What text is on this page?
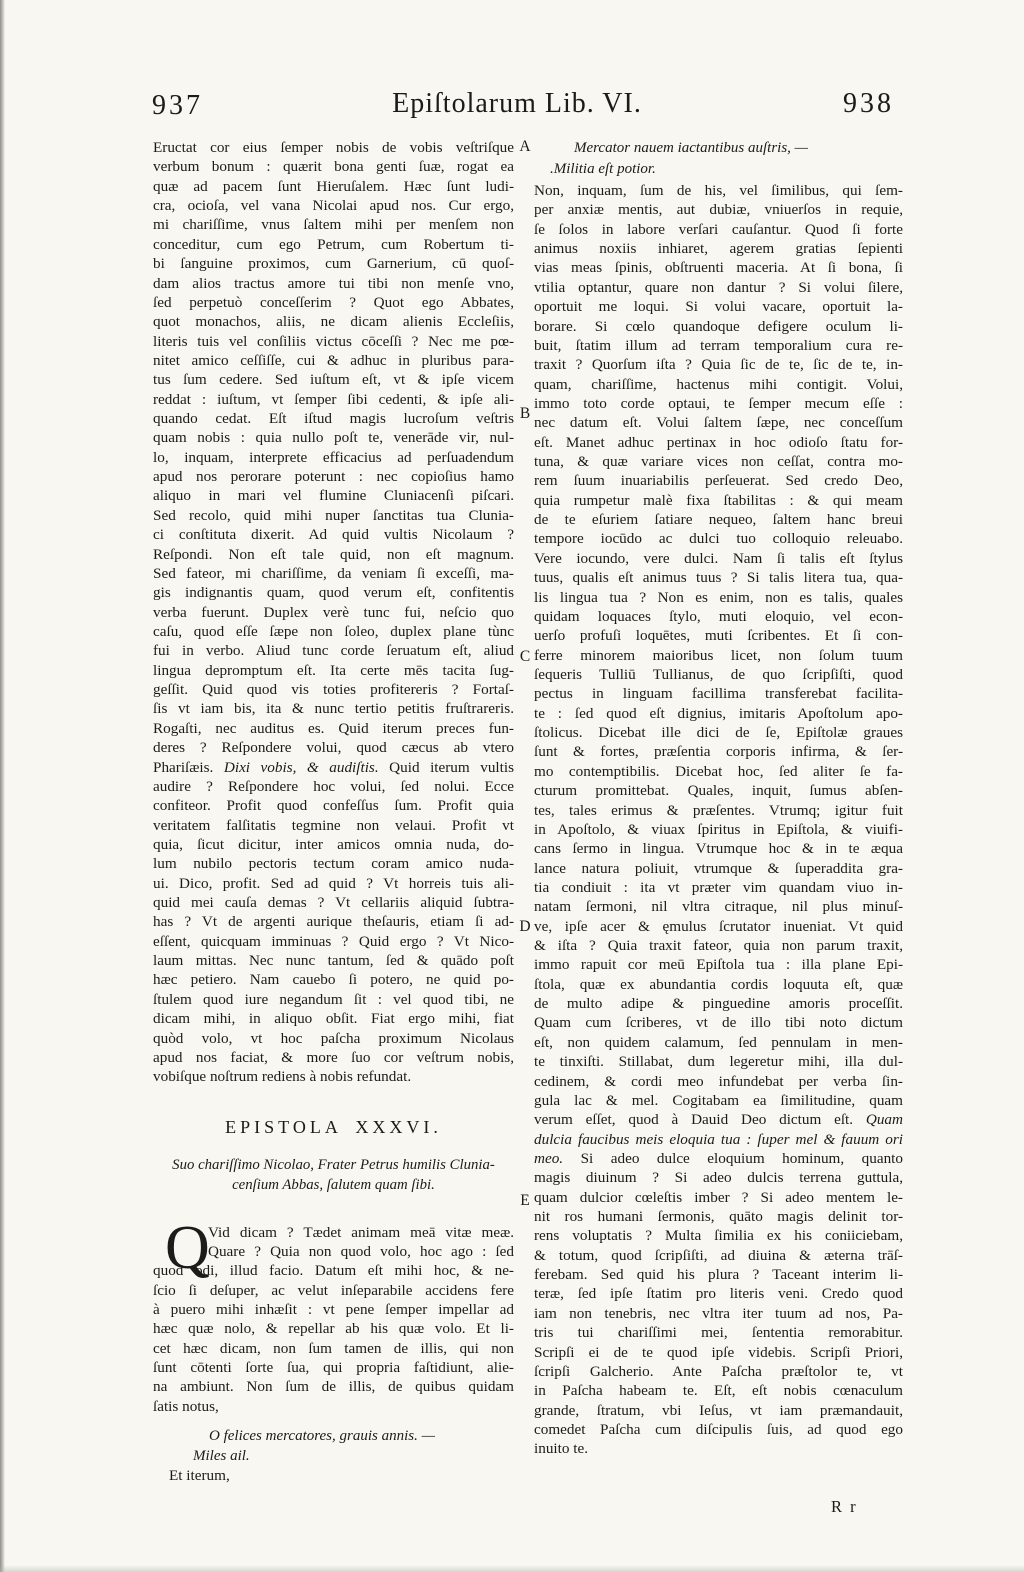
937	Epiſtolarum Lib. VI.	938
A
B
C
D
E
Eructat cor eius ſemper nobis de vobis veſtriſque
verbum bonum : quærit bona genti ſuæ, rogat ea
quæ ad pacem ſunt Hieruſalem. Hæc ſunt ludi-
cra, ocioſa, vel vana Nicolai apud nos. Cur ergo,
mi chariſſime, vnus ſaltem mihi per menſem non
conceditur, cum ego Petrum, cum Robertum ti-
bi ſanguine proximos, cum Garnerium, cū quoſ-
dam alios tractus amore tui tibi non menſe vno,
ſed perpetuò conceſſerim ? Quot ego Abbates,
quot monachos, aliis, ne dicam alienis Eccleſiis,
literis tuis vel conſiliis victus cōceſſi ? Nec me pœ-
nitet amico ceſſiſſe, cui & adhuc in pluribus para-
tus ſum cedere. Sed iuſtum eſt, vt & ipſe vicem
reddat : iuſtum, vt ſemper ſibi cedenti, & ipſe ali-
quando cedat. Eſt iſtud magis lucroſum veſtris
quam nobis : quia nullo poſt te, venerāde vir, nul-
lo, inquam, interprete efficacius ad perſuadendum
apud nos perorare poterunt : nec copioſius hamo
aliquo in mari vel flumine Cluniacenſi piſcari.
Sed recolo, quid mihi nuper ſanctitas tua Clunia-
ci conſtituta dixerit. Ad quid vultis Nicolaum ?
Reſpondi. Non eſt tale quid, non eſt magnum.
Sed fateor, mi chariſſime, da veniam ſi exceſſi, ma-
gis indignantis quam, quod verum eſt, confitentis
verba fuerunt. Duplex verè tunc fui, neſcio quo
caſu, quod eſſe ſæpe non ſoleo, duplex plane tùnc
fui in verbo. Aliud tunc corde ſeruatum eſt, aliud
lingua depromptum eſt. Ita certe mēs tacita ſug-
geſſit. Quid quod vis toties profitereris ? Fortaſ-
ſis vt iam bis, ita & nunc tertio petitis fruſtrareris.
Rogaſti, nec auditus es. Quid iterum preces fun-
deres ? Reſpondere volui, quod cæcus ab vtero
Phariſæis. Dixi vobis, & audiſtis. Quid iterum vultis
audire ? Reſpondere hoc volui, ſed nolui. Ecce
confiteor. Profit quod confeſſus ſum. Profit quia
veritatem falſitatis tegmine non velaui. Profit vt
quia, ſicut dicitur, inter amicos omnia nuda, do-
lum nubilo pectoris tectum coram amico nuda-
ui. Dico, profit. Sed ad quid ? Vt horreis tuis ali-
quid mei cauſa demas ? Vt cellariis aliquid ſubtra-
has ? Vt de argenti aurique theſauris, etiam ſi ad-
eſſent, quicquam imminuas ? Quid ergo ? Vt Nico-
laum mittas. Nec nunc tantum, ſed & quādo poſt
hæc petiero. Nam cauebo ſi potero, ne quid po-
ſtulem quod iure negandum ſit : vel quod tibi, ne
dicam mihi, in aliquo obſit. Fiat ergo mihi, fiat
quòd volo, vt hoc paſcha proximum Nicolaus
apud nos faciat, & more ſuo cor veſtrum nobis,
vobiſque noſtrum rediens à nobis refundat.
EPISTOLA XXXVI.
Suo chariſſimo Nicolao, Frater Petrus humilis Clunia-
cenſium Abbas, ſalutem quam ſibi.
Q
Vid dicam ? Tædet animam meā vitæ meæ.
Quare ? Quia non quod volo, hoc ago : ſed
quod odi, illud facio. Datum eſt mihi hoc, & ne-
ſcio ſi deſuper, ac velut inſeparabile accidens fere
à puero mihi inhæſit : vt pene ſemper impellar ad
hæc quæ nolo, & repellar ab his quæ volo. Et li-
cet hæc dicam, non ſum tamen de illis, qui non
ſunt cōtenti ſorte ſua, qui propria faſtidiunt, alie-
na ambiunt. Non ſum de illis, de quibus quidam
ſatis notus,
O felices mercatores, grauis annis. —
Miles ail.
Et iterum,
Mercator nauem iactantibus auſtris, —
.Militia eſt potior.
Non, inquam, ſum de his, vel ſimilibus, qui ſem-
per anxiæ mentis, aut dubiæ, vniuerſos in requie,
ſe ſolos in labore verſari cauſantur. Quod ſi forte
animus noxiis inhiaret, agerem gratias ſepienti
vias meas ſpinis, obſtruenti maceria. At ſi bona, ſi
vtilia optantur, quare non dantur ? Si volui ſilere,
oportuit me loqui. Si volui vacare, oportuit la-
borare. Si cœlo quandoque defigere oculum li-
buit, ſtatim illum ad terram temporalium cura re-
traxit ? Quorſum iſta ? Quia ſic de te, ſic de te, in-
quam, chariſſime, hactenus mihi contigit. Volui,
immo toto corde optaui, te ſemper mecum eſſe :
nec datum eſt. Volui ſaltem ſæpe, nec conceſſum
eſt. Manet adhuc pertinax in hoc odioſo ſtatu for-
tuna, & quæ variare vices non ceſſat, contra mo-
rem ſuum inuariabilis perſeuerat. Sed credo Deo,
quia rumpetur malè fixa ſtabilitas : & qui meam
de te eſuriem ſatiare nequeo, ſaltem hanc breui
tempore iocūdo ac dulci tuo colloquio releuabo.
Vere iocundo, vere dulci. Nam ſi talis eſt ſtylus
tuus, qualis eſt animus tuus ? Si talis litera tua, qua-
lis lingua tua ? Non es enim, non es talis, quales
quidam loquaces ſtylo, muti eloquio, vel econ-
uerſo profuſi loquētes, muti ſcribentes. Et ſi con-
ferre minorem maioribus licet, non ſolum tuum
ſequeris Tulliū Tullianus, de quo ſcripſiſti, quod
pectus in linguam facillima transferebat facilita-
te : ſed quod eſt dignius, imitaris Apoſtolum apo-
ſtolicus. Dicebat ille dici de ſe, Epiſtolæ graues
ſunt & fortes, præſentia corporis infirma, & ſer-
mo contemptibilis. Dicebat hoc, ſed aliter ſe fa-
cturum promittebat. Quales, inquit, ſumus abſen-
tes, tales erimus & præſentes. Vtrumq; igitur fuit
in Apoſtolo, & viuax ſpiritus in Epiſtola, & viuifi-
cans ſermo in lingua. Vtrumque hoc & in te æqua
lance natura poliuit, vtrumque & ſuperaddita gra-
tia condiuit : ita vt præter vim quandam viuo in-
natam ſermoni, nil vltra citraque, nil plus minuſ-
ve, ipſe acer & ęmulus ſcrutator inueniat. Vt quid
& iſta ? Quia traxit fateor, quia non parum traxit,
immo rapuit cor meū Epiſtola tua : illa plane Epi-
ſtola, quæ ex abundantia cordis loquuta eſt, quæ
de multo adipe & pinguedine amoris proceſſit.
Quam cum ſcriberes, vt de illo tibi noto dictum
eſt, non quidem calamum, ſed pennulam in men-
te tinxiſti. Stillabat, dum legeretur mihi, illa dul-
cedinem, & cordi meo infundebat per verba ſin-
gula lac & mel. Cogitabam ea ſimilitudine, quam
verum eſſet, quod à Dauid Deo dictum eſt. Quam
dulcia faucibus meis eloquia tua : ſuper mel & fauum ori
meo. Si adeo dulce eloquium hominum, quanto
magis diuinum ? Si adeo dulcis terrena guttula,
quam dulcior cœleſtis imber ? Si adeo mentem le-
nit ros humani ſermonis, quāto magis delinit tor-
rens voluptatis ? Multa ſimilia ex his coniiciebam,
& totum, quod ſcripſiſti, ad diuina & æterna trāſ-
ferebam. Sed quid his plura ? Taceant interim li-
teræ, ſed ipſe ſtatim pro literis veni. Credo quod
iam non tenebris, nec vltra iter tuum ad nos, Pa-
tris tui chariſſimi mei, ſententia remorabitur.
Scripſi ei de te quod ipſe videbis. Scripſi Priori,
ſcripſi Galcherio. Ante Paſcha præſtolor te, vt
in Paſcha habeam te. Eſt, eſt nobis cœnaculum
grande, ſtratum, vbi Ieſus, vt iam præmandauit,
comedet Paſcha cum diſcipulis ſuis, ad quod ego
inuito te.
R r
